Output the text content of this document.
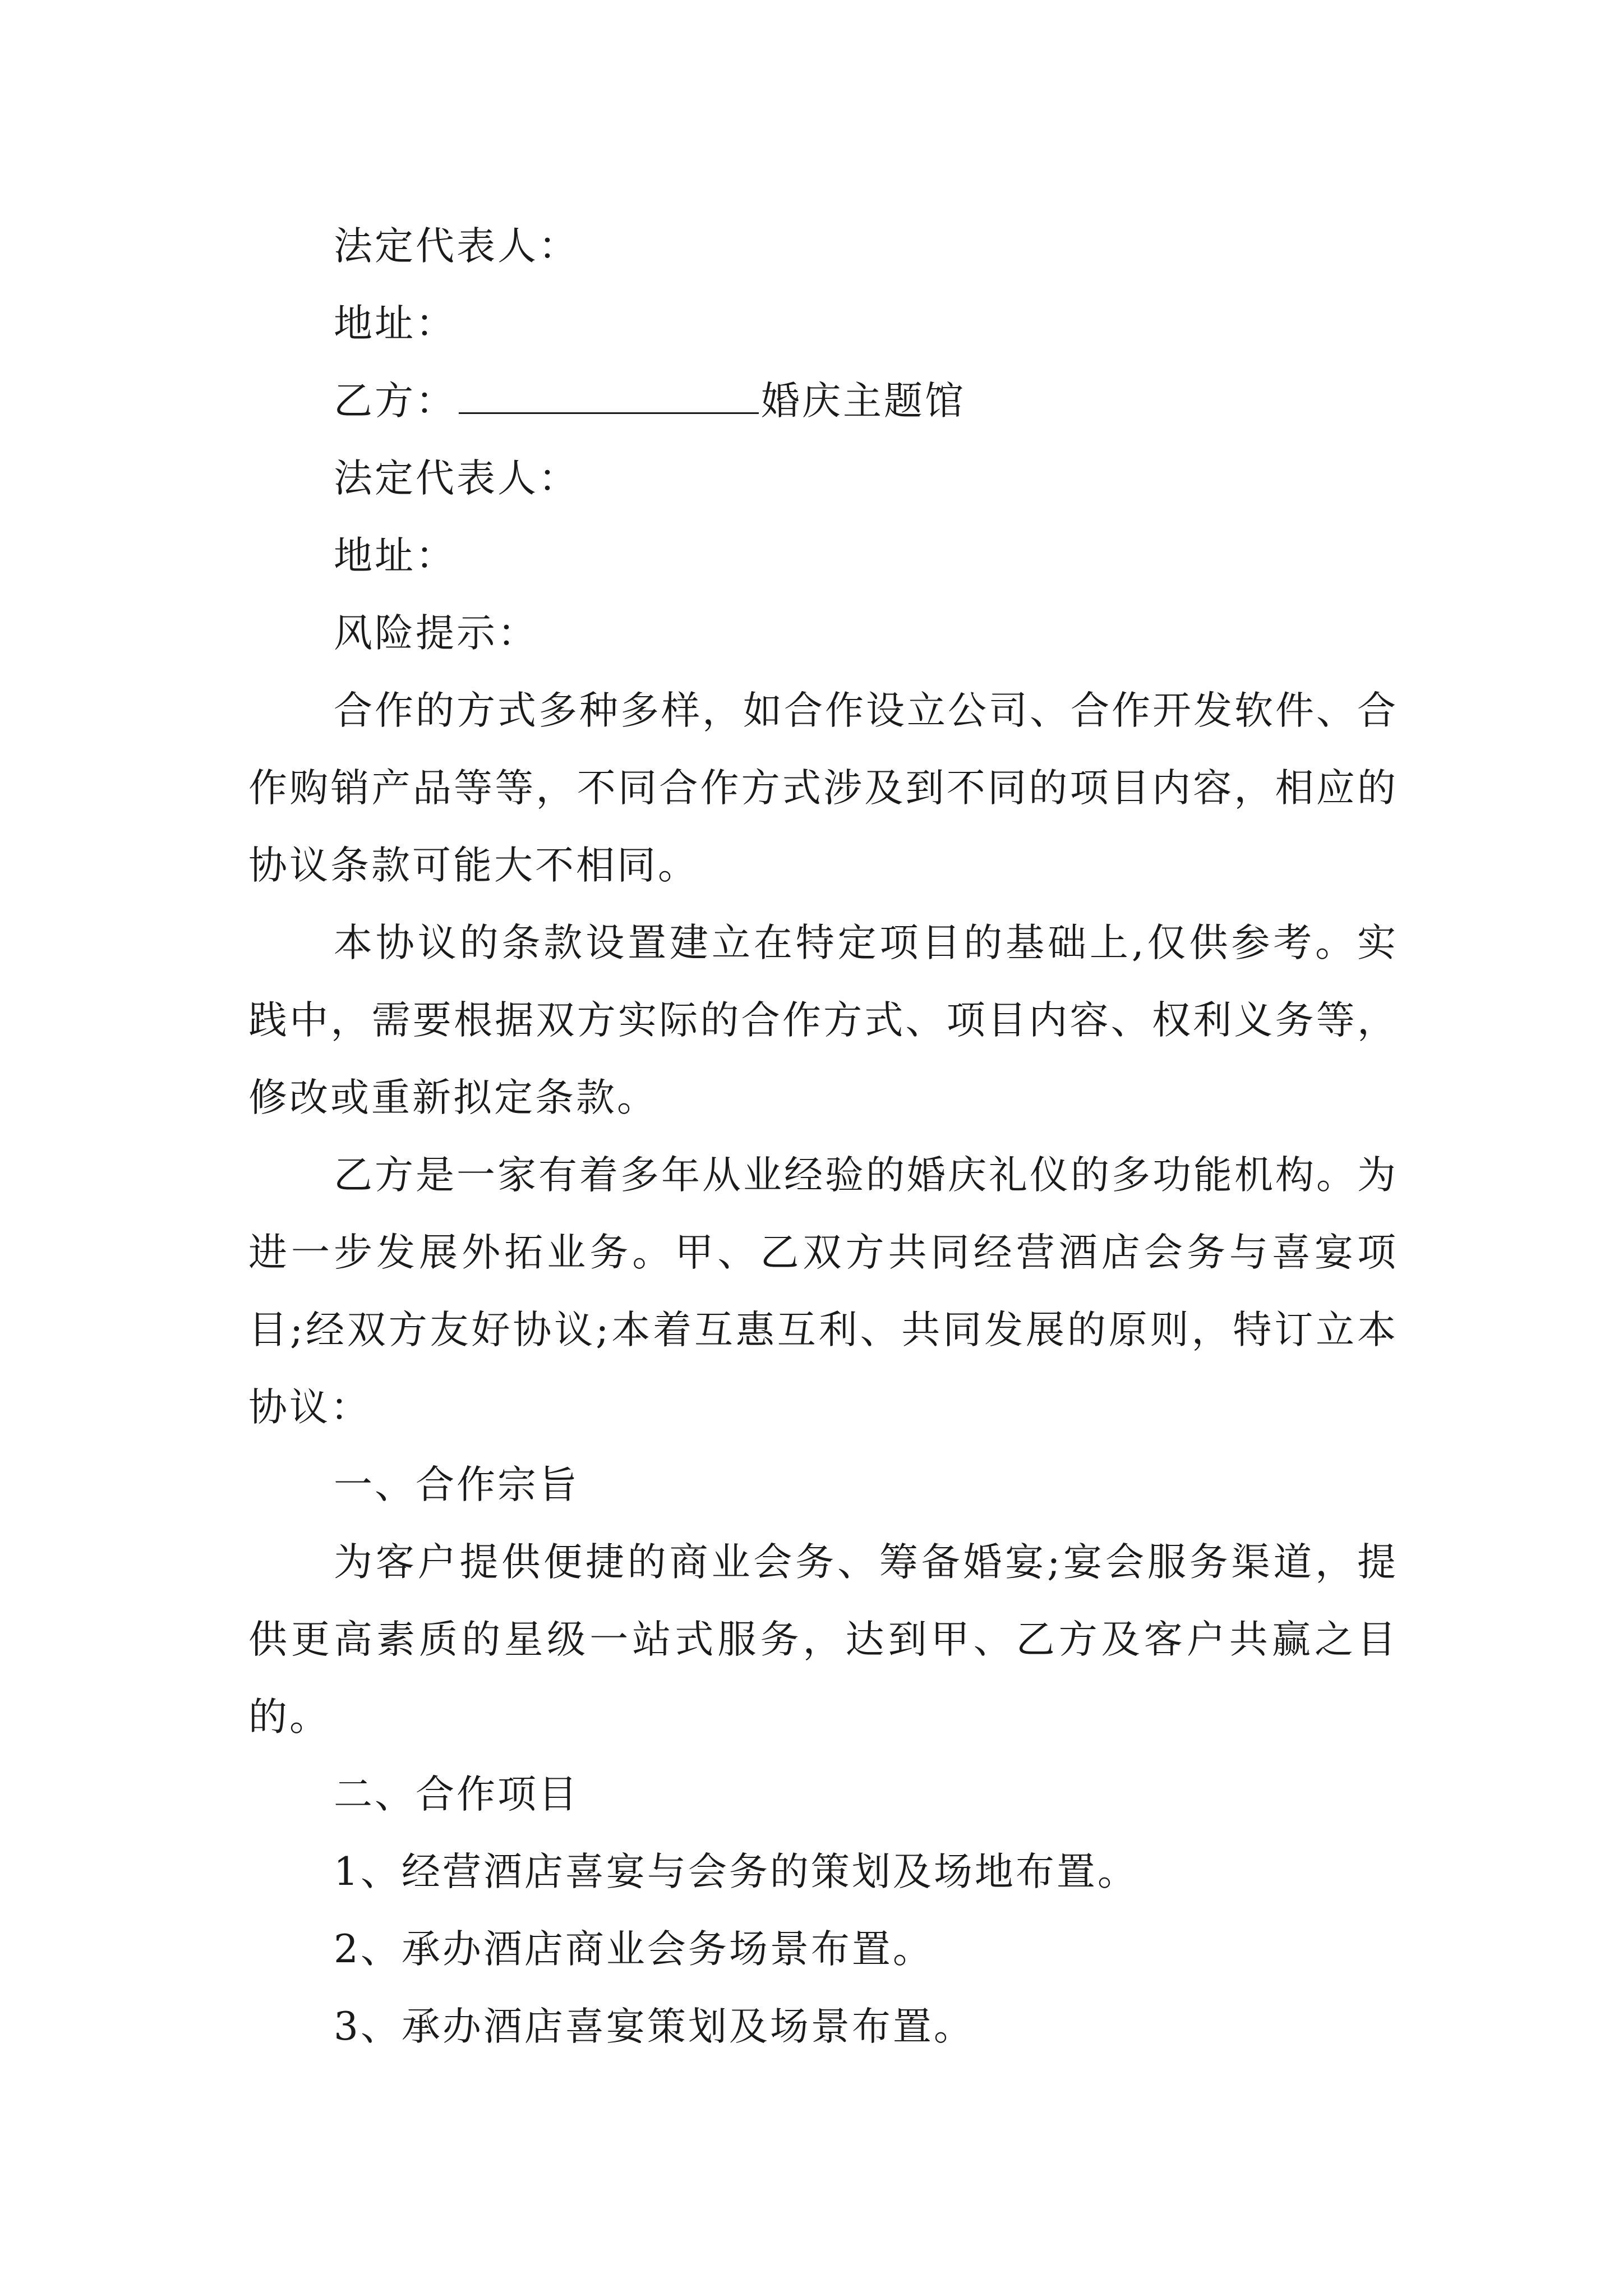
法定代表人：

地址：

乙方：	婚庆主题馆

法定代表人：

地址：

风险提示：

合作的方式多种多样，如合作设立公司、合作开发软件、合作购销产品等等，不同合作方式涉及到不同的项目内容，相应的协议条款可能大不相同。

本协议的条款设置建立在特定项目的基础上,仅供参考。实践中，需要根据双方实际的合作方式、项目内容、权利义务等，修改或重新拟定条款。

乙方是一家有着多年从业经验的婚庆礼仪的多功能机构。为进一步发展外拓业务。甲、乙双方共同经营酒店会务与喜宴项目;经双方友好协议;本着互惠互利、共同发展的原则，特订立本协议：

一、合作宗旨

为客户提供便捷的商业会务、筹备婚宴;宴会服务渠道，提供更高素质的星级一站式服务，达到甲、乙方及客户共赢之目的。

二、合作项目

1、经营酒店喜宴与会务的策划及场地布置。

2、承办酒店商业会务场景布置。

3、承办酒店喜宴策划及场景布置。
